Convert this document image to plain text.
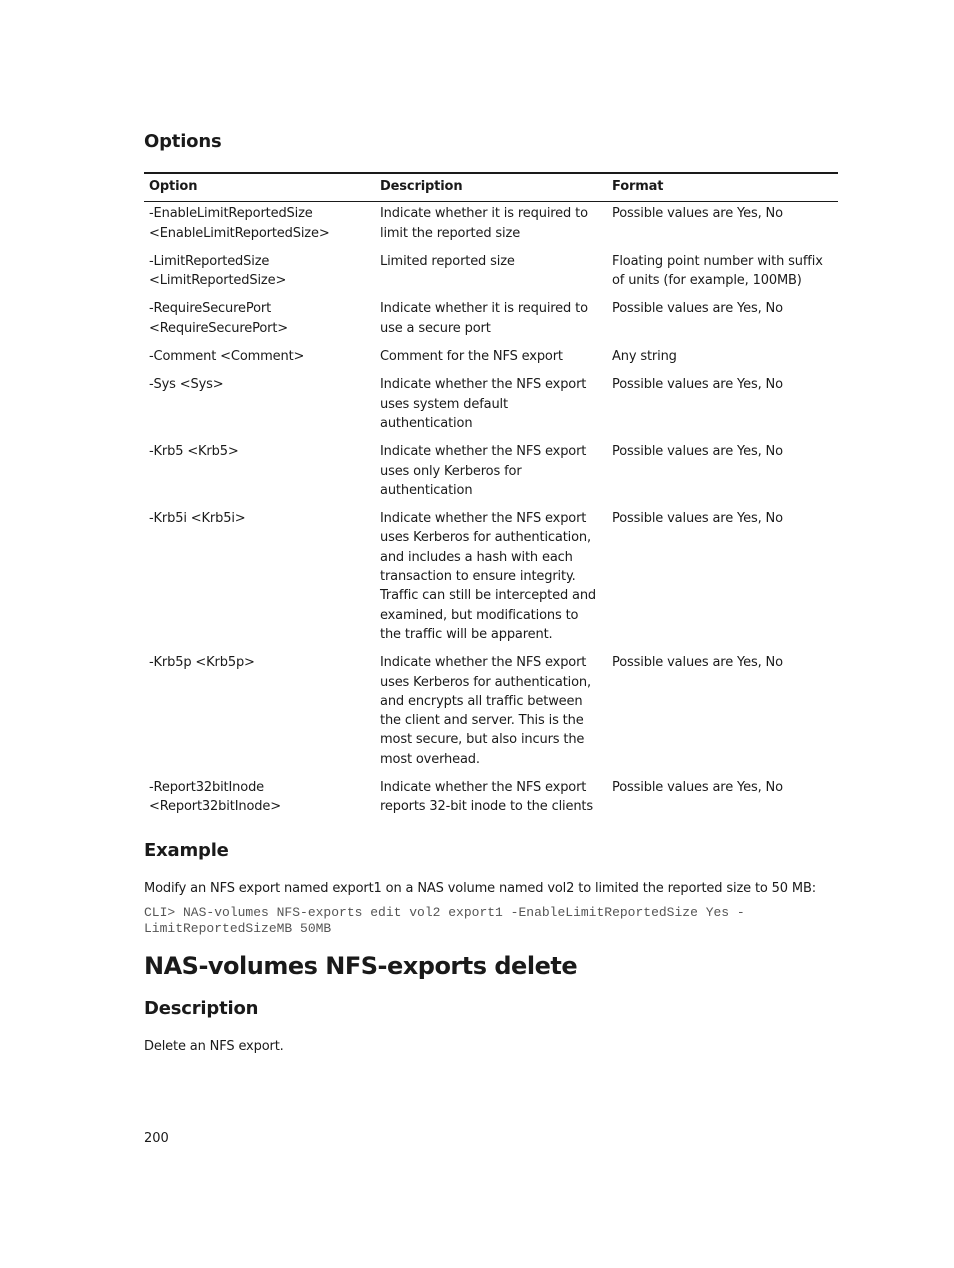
Options
Option	Description	Format
-EnableLimitReportedSize <EnableLimitReportedSize>	Indicate whether it is required to limit the reported size	Possible values are Yes, No
-LimitReportedSize <LimitReportedSize>	Limited reported size	Floating point number with suffix of units (for example, 100MB)
-RequireSecurePort <RequireSecurePort>	Indicate whether it is required to use a secure port	Possible values are Yes, No
-Comment <Comment>	Comment for the NFS export	Any string
-Sys <Sys>	Indicate whether the NFS export uses system default authentication	Possible values are Yes, No
-Krb5 <Krb5>	Indicate whether the NFS export uses only Kerberos for authentication	Possible values are Yes, No
-Krb5i <Krb5i>	Indicate whether the NFS export uses Kerberos for authentication, and includes a hash with each transaction to ensure integrity. Traffic can still be intercepted and examined, but modifications to the traffic will be apparent.	Possible values are Yes, No
-Krb5p <Krb5p>	Indicate whether the NFS export uses Kerberos for authentication, and encrypts all traffic between the client and server. This is the most secure, but also incurs the most overhead.	Possible values are Yes, No
-Report32bitInode <Report32bitInode>	Indicate whether the NFS export reports 32-bit inode to the clients	Possible values are Yes, No
Example
Modify an NFS export named export1 on a NAS volume named vol2 to limited the reported size to 50 MB:
CLI> NAS-volumes NFS-exports edit vol2 export1 -EnableLimitReportedSize Yes -
LimitReportedSizeMB 50MB
NAS-volumes NFS-exports delete
Description
Delete an NFS export.
200
